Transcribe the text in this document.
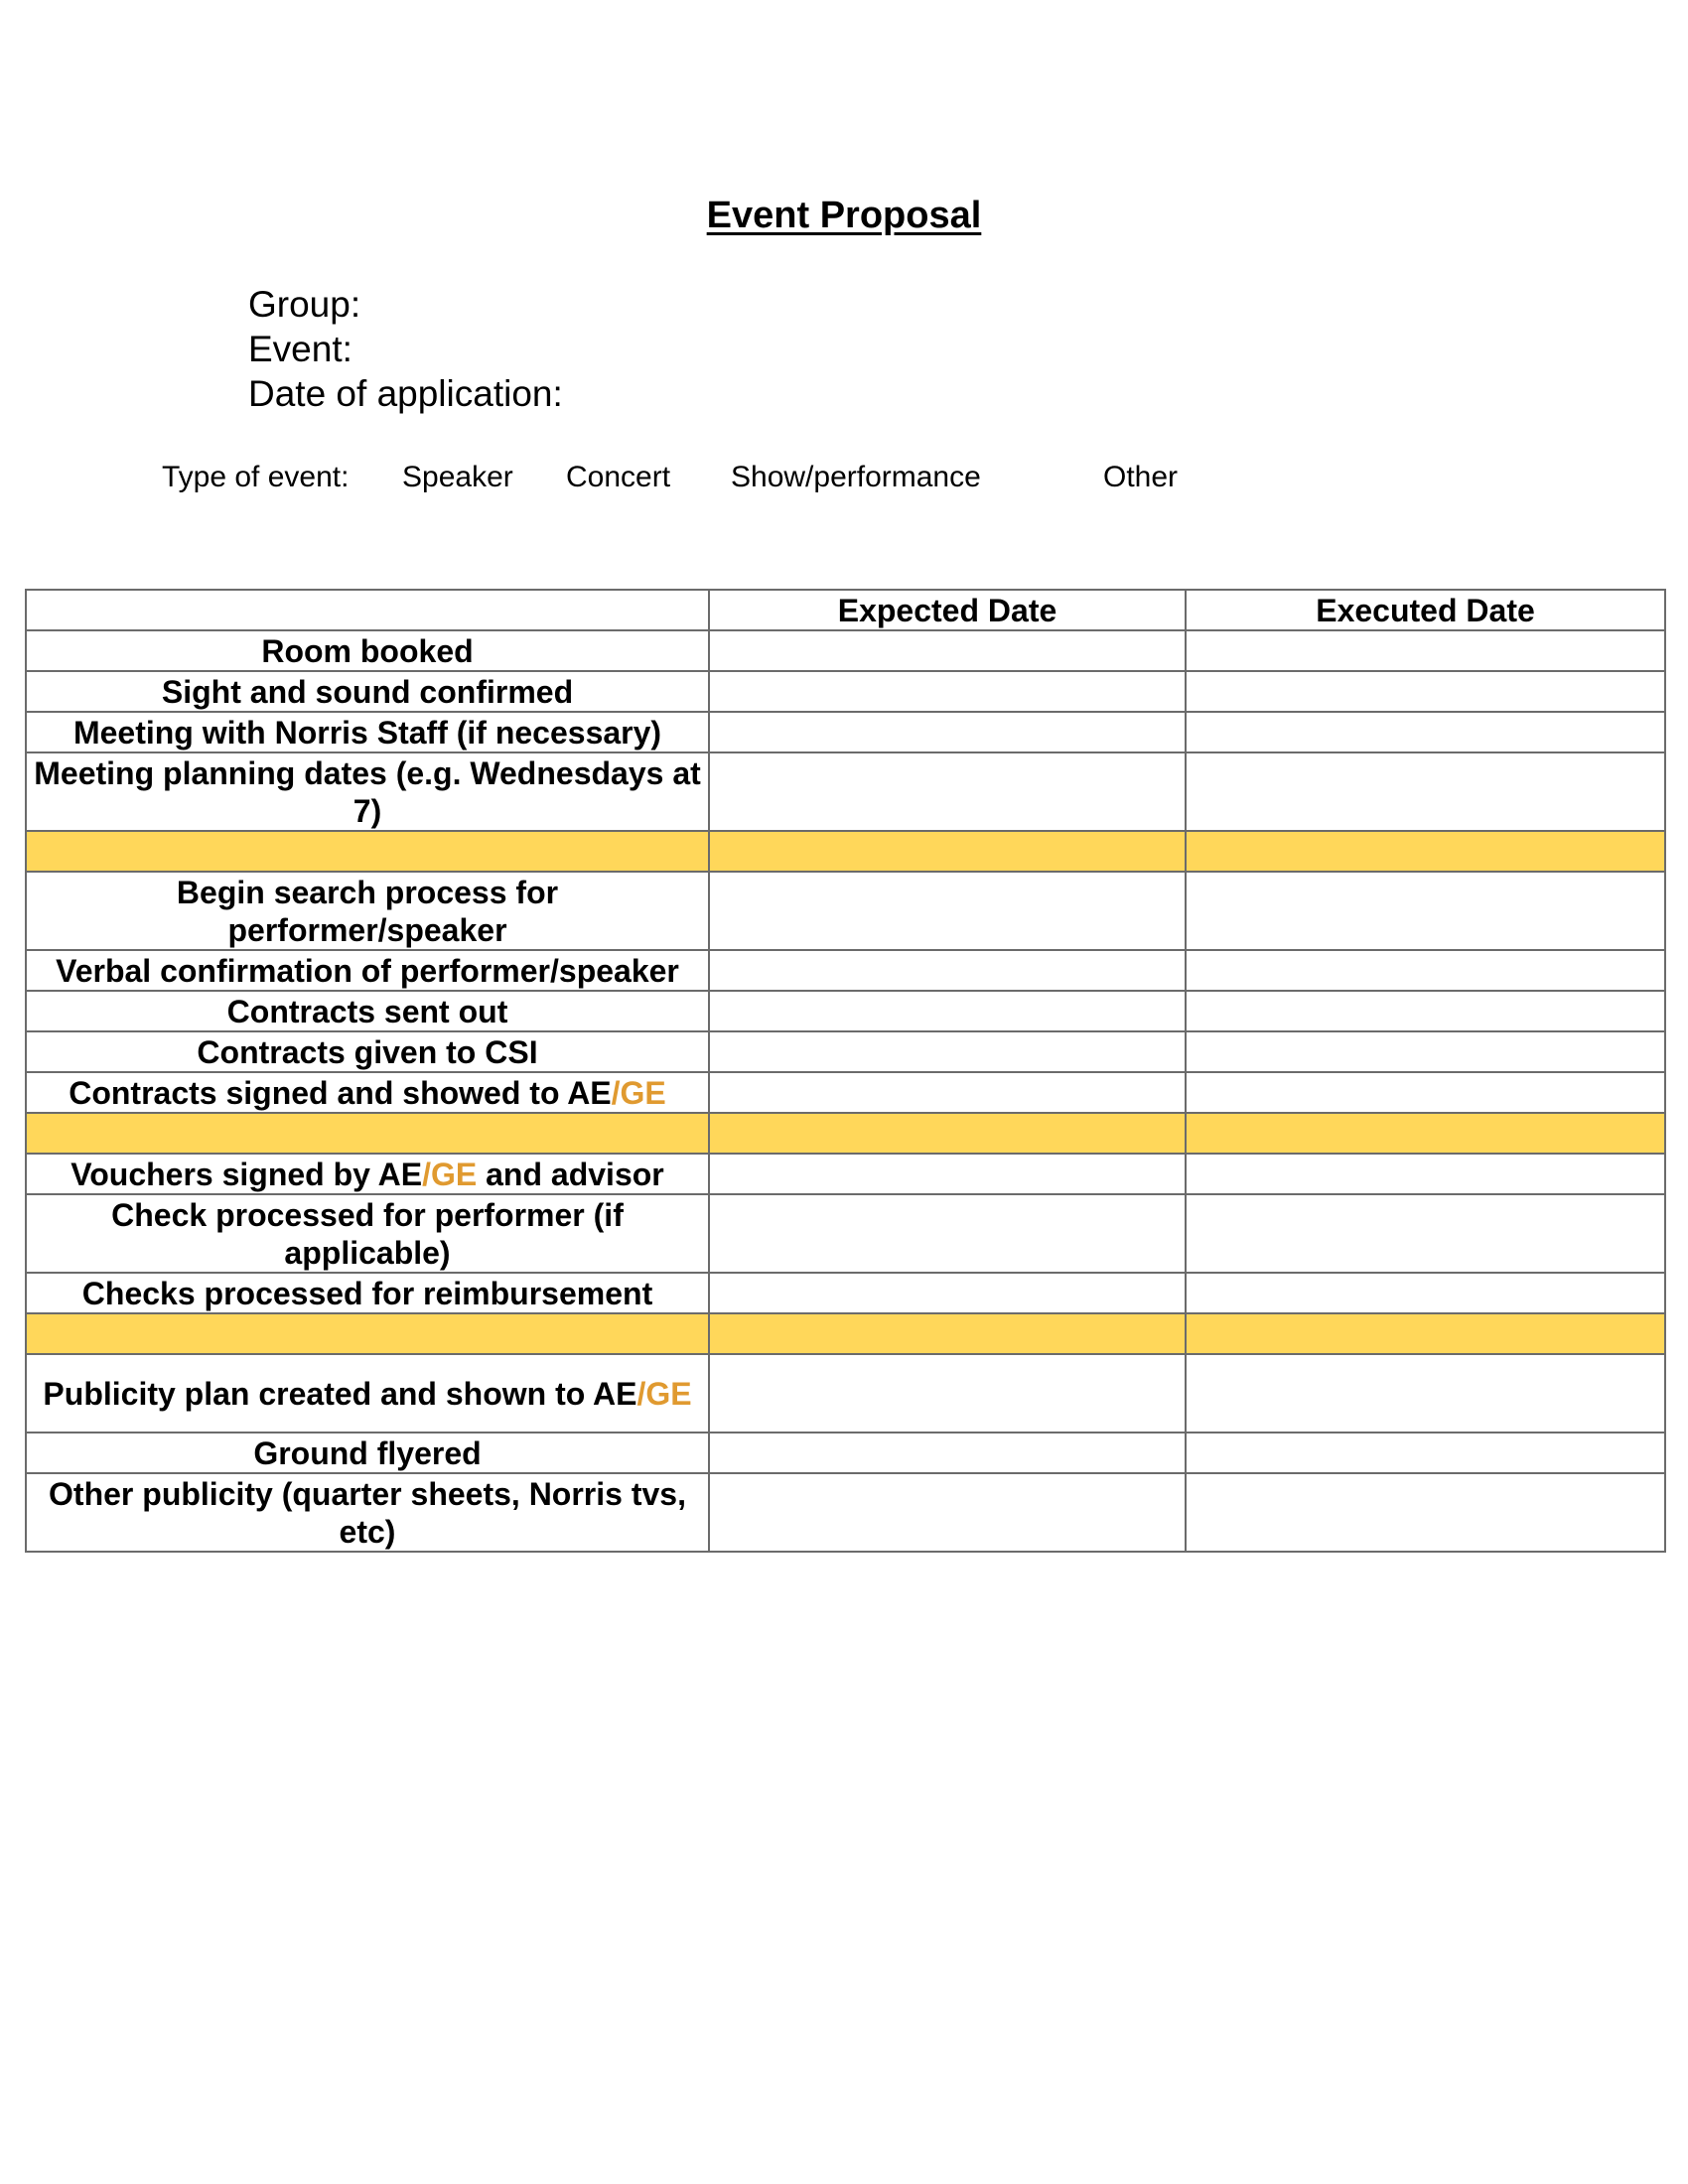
Event Proposal
Group:
Event:
Date of application:
Type of event: Speaker Concert Show/performance	Other
	Expected Date	Executed Date
Room booked		
Sight and sound confirmed		
Meeting with Norris Staff (if necessary)		
Meeting planning dates (e.g. Wednesdays at 7)		

Begin search process for performer/speaker		
Verbal confirmation of performer/speaker		
Contracts sent out		
Contracts given to CSI		
Contracts signed and showed to AE/GE		

Vouchers signed by AE/GE and advisor		
Check processed for performer (if applicable)		
Checks processed for reimbursement		

Publicity plan created and shown to AE/GE		
Ground flyered		
Other publicity (quarter sheets, Norris tvs, etc)		
